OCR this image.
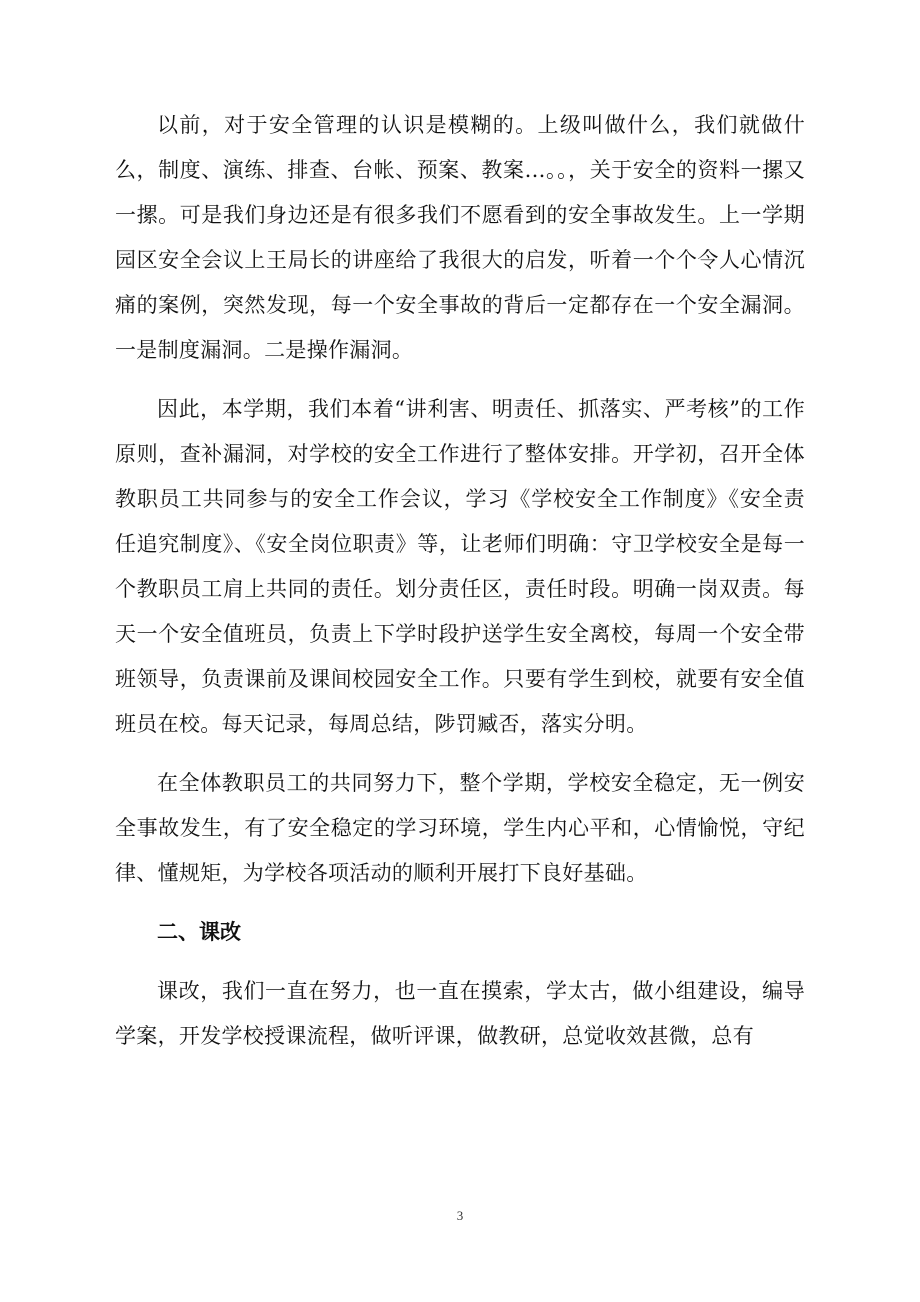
以前，对于安全管理的认识是模糊的。上级叫做什么，我们就做什么，制度、演练、排查、台帐、预案、教案…。。，关于安全的资料一摞又一摞。可是我们身边还是有很多我们不愿看到的安全事故发生。上一学期园区安全会议上王局长的讲座给了我很大的启发，听着一个个令人心情沉痛的案例，突然发现，每一个安全事故的背后一定都存在一个安全漏洞。一是制度漏洞。二是操作漏洞。

因此，本学期，我们本着“讲利害、明责任、抓落实、严考核”的工作原则，查补漏洞，对学校的安全工作进行了整体安排。开学初，召开全体教职员工共同参与的安全工作会议，学习《学校安全工作制度》《安全责任追究制度》、《安全岗位职责》等，让老师们明确：守卫学校安全是每一个教职员工肩上共同的责任。划分责任区，责任时段。明确一岗双责。每天一个安全值班员，负责上下学时段护送学生安全离校，每周一个安全带班领导，负责课前及课间校园安全工作。只要有学生到校，就要有安全值班员在校。每天记录，每周总结，陟罚臧否，落实分明。

在全体教职员工的共同努力下，整个学期，学校安全稳定，无一例安全事故发生，有了安全稳定的学习环境，学生内心平和，心情愉悦，守纪律、懂规矩，为学校各项活动的顺利开展打下良好基础。

二、课改

课改，我们一直在努力，也一直在摸索，学太古，做小组建设，编导学案，开发学校授课流程，做听评课，做教研，总觉收效甚微，总有

3
